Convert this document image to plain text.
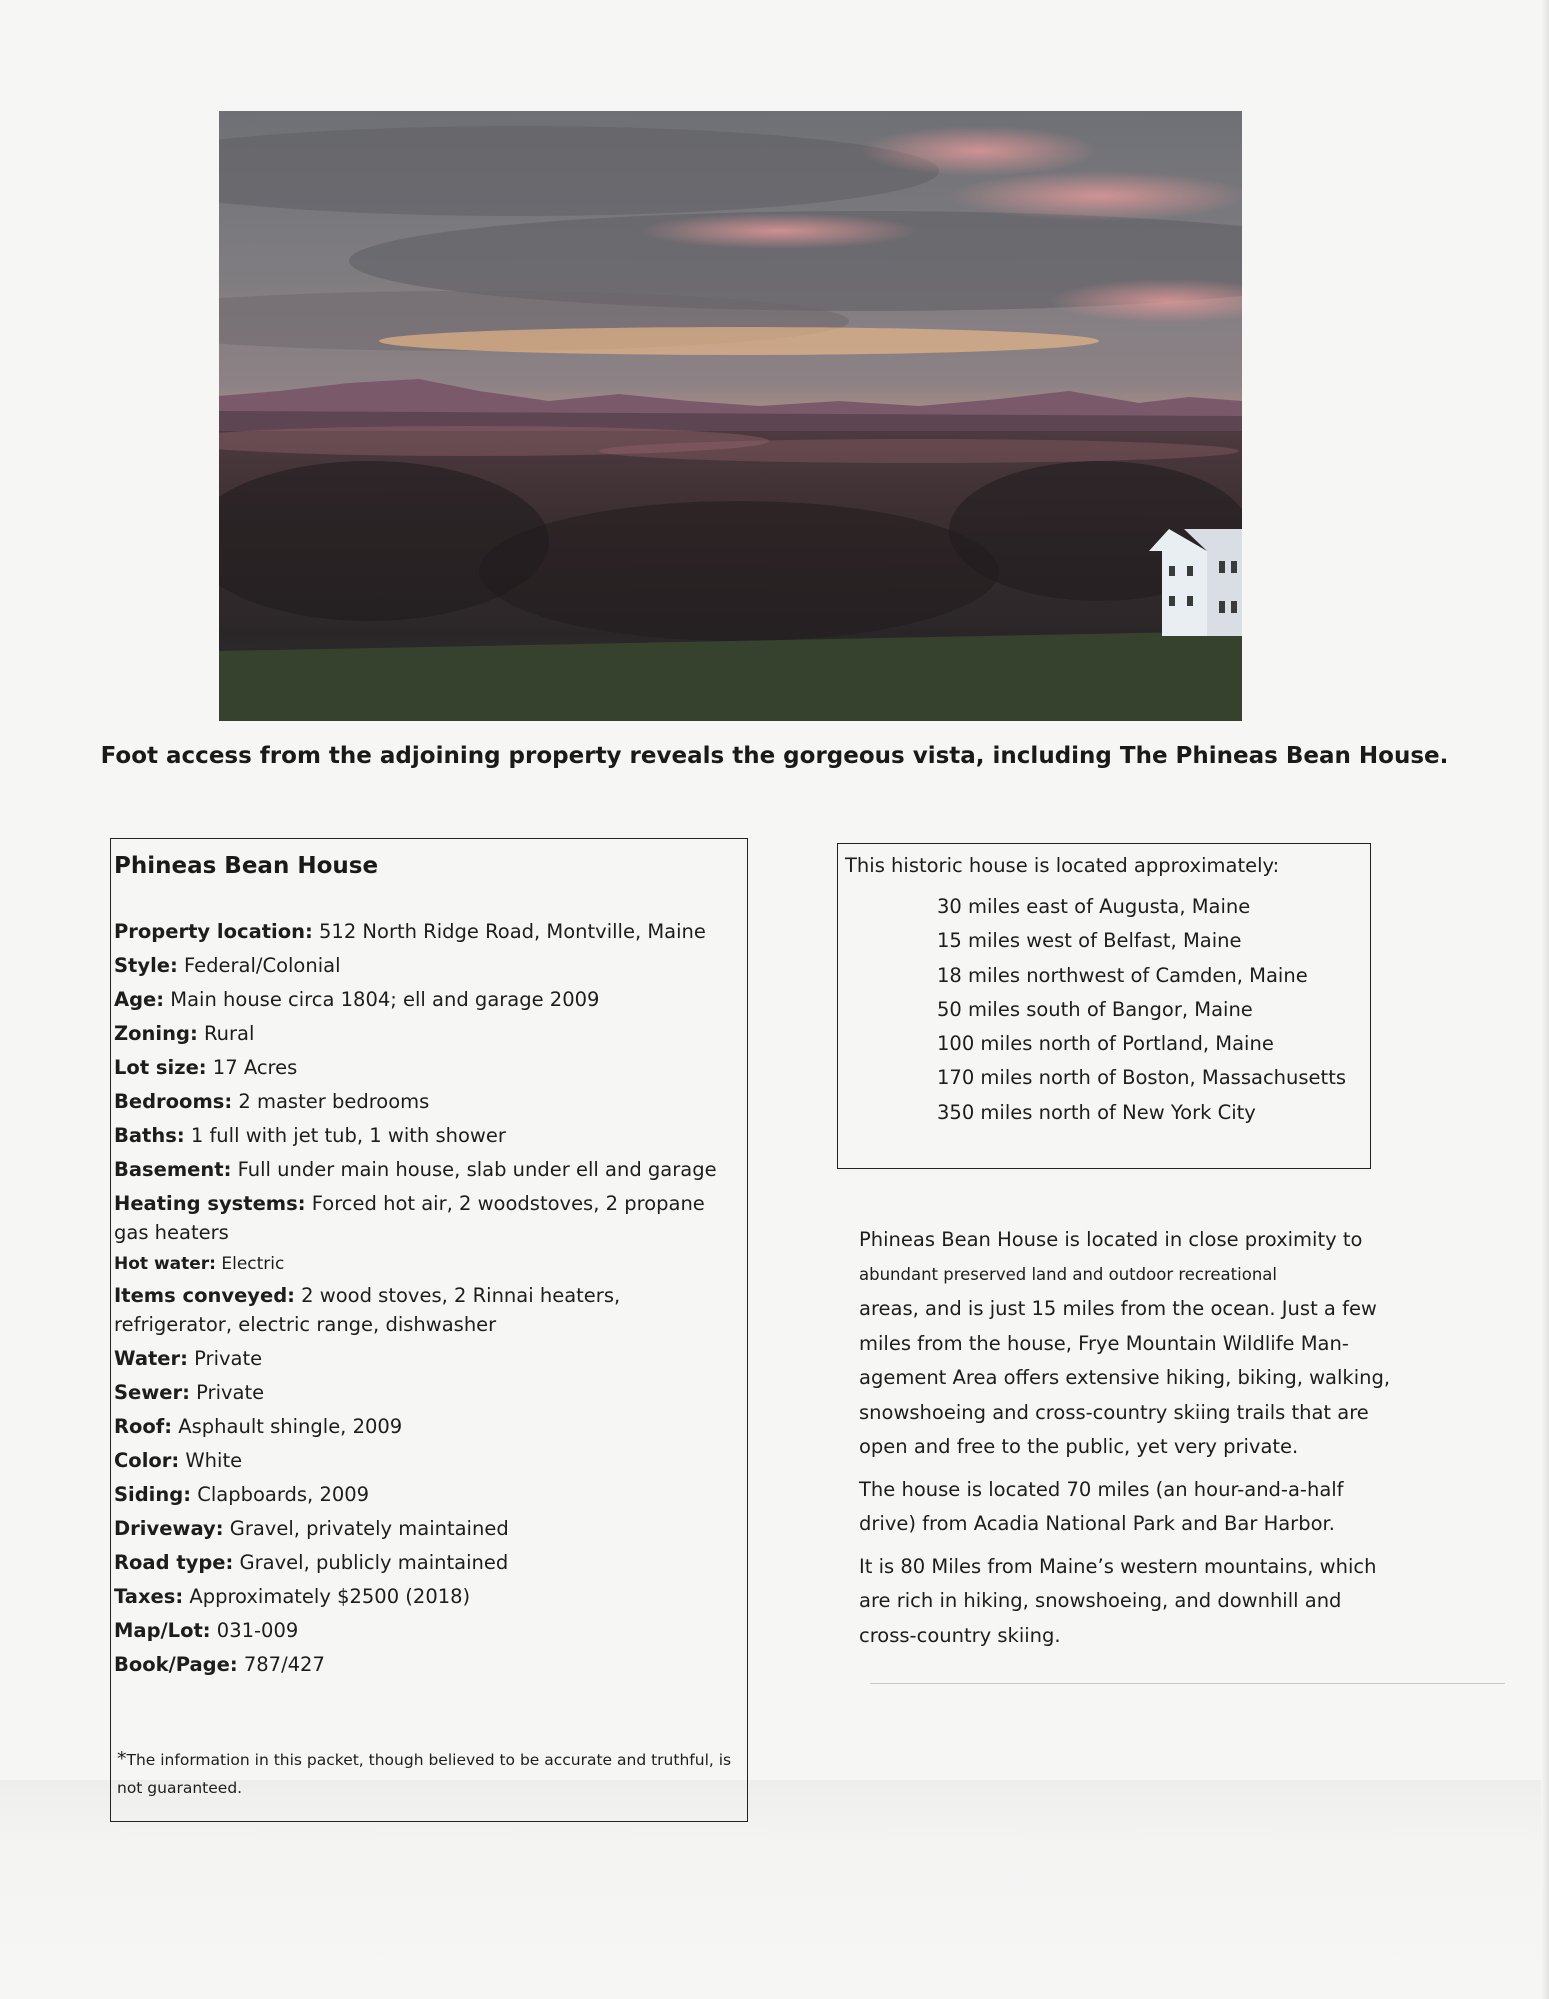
Foot access from the adjoining property reveals the gorgeous vista, including The Phineas Bean House.
Phineas Bean House
Property location: 512 North Ridge Road, Montville, Maine
Style: Federal/Colonial
Age: Main house circa 1804; ell and garage 2009
Zoning: Rural
Lot size: 17 Acres
Bedrooms: 2 master bedrooms
Baths: 1 full with jet tub, 1 with shower
Basement: Full under main house, slab under ell and garage
Heating systems: Forced hot air, 2 woodstoves, 2 propane gas heaters
Hot water: Electric
Items conveyed: 2 wood stoves, 2 Rinnai heaters, refrigerator, electric range, dishwasher
Water: Private
Sewer: Private
Roof: Asphault shingle, 2009
Color: White
Siding: Clapboards, 2009
Driveway: Gravel, privately maintained
Road type: Gravel, publicly maintained
Taxes: Approximately $2500 (2018)
Map/Lot: 031-009
Book/Page: 787/427
*The information in this packet, though believed to be accurate and truthful, is not guaranteed.
This historic house is located approximately:
30 miles east of Augusta, Maine
15 miles west of Belfast, Maine
18 miles northwest of Camden, Maine
50 miles south of Bangor, Maine
100 miles north of Portland, Maine
170 miles north of Boston, Massachusetts
350 miles north of New York City

Phineas Bean House is located in close proximity to
abundant preserved land and outdoor recreational
areas, and is just 15 miles from the ocean. Just a few
miles from the house, Frye Mountain Wildlife Man-
agement Area offers extensive hiking, biking, walking,
snowshoeing and cross-country skiing trails that are
open and free to the public, yet very private.

The house is located 70 miles (an hour-and-a-half
drive) from Acadia National Park and Bar Harbor.

It is 80 Miles from Maine’s western mountains, which
are rich in hiking, snowshoeing, and downhill and
cross-country skiing.
